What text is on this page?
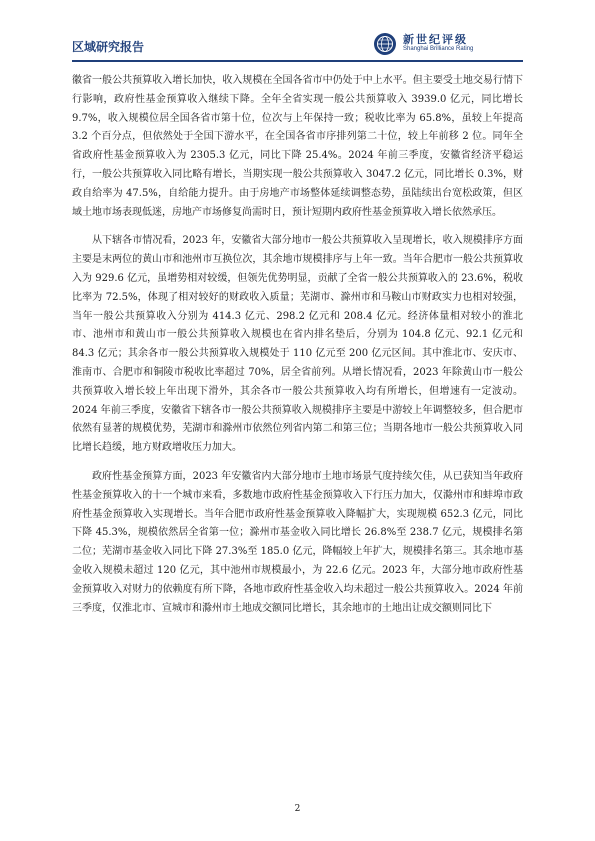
区域研究报告
新世纪评级
Shanghai Brilliance Rating

徽省一般公共预算收入增长加快，收入规模在全国各省市中仍处于中上水平。但主要受土地交易行情下行影响，政府性基金预算收入继续下降。全年全省实现一般公共预算收入 3939.0 亿元，同比增长 9.7%，收入规模位居全国各省市第十位，位次与上年保持一致；税收比率为 65.8%，虽较上年提高 3.2 个百分点，但依然处于全国下游水平，在全国各省市序排列第二十位，较上年前移 2 位。同年全省政府性基金预算收入为 2305.3 亿元，同比下降 25.4%。2024 年前三季度，安徽省经济平稳运行，一般公共预算收入同比略有增长，当期实现一般公共预算收入 3047.2 亿元，同比增长 0.3%，财政自给率为 47.5%，自给能力提升。由于房地产市场整体延续调整态势，虽陆续出台宽松政策，但区域土地市场表现低迷，房地产市场修复尚需时日，预计短期内政府性基金预算收入增长依然承压。

从下辖各市情况看，2023 年，安徽省大部分地市一般公共预算收入呈现增长，收入规模排序方面主要是末两位的黄山市和池州市互换位次，其余地市规模排序与上年一致。当年合肥市一般公共预算收入为 929.6 亿元，虽增势相对较缓，但领先优势明显，贡献了全省一般公共预算收入的 23.6%，税收比率为 72.5%，体现了相对较好的财政收入质量；芜湖市、滁州市和马鞍山市财政实力也相对较强，当年一般公共预算收入分别为 414.3 亿元、298.2 亿元和 208.4 亿元。经济体量相对较小的淮北市、池州市和黄山市一般公共预算收入规模也在省内排名垫后，分别为 104.8 亿元、92.1 亿元和 84.3 亿元；其余各市一般公共预算收入规模处于 110 亿元至 200 亿元区间。其中淮北市、安庆市、淮南市、合肥市和铜陵市税收比率超过 70%，居全省前列。从增长情况看，2023 年除黄山市一般公共预算收入增长较上年出现下滑外，其余各市一般公共预算收入均有所增长，但增速有一定波动。2024 年前三季度，安徽省下辖各市一般公共预算收入规模排序主要是中游较上年调整较多，但合肥市依然有显著的规模优势，芜湖市和滁州市依然位列省内第二和第三位；当期各地市一般公共预算收入同比增长趋缓，地方财政增收压力加大。

政府性基金预算方面，2023 年安徽省内大部分地市土地市场景气度持续欠佳，从已获知当年政府性基金预算收入的十一个城市来看，多数地市政府性基金预算收入下行压力加大，仅滁州市和蚌埠市政府性基金预算收入实现增长。当年合肥市政府性基金预算收入降幅扩大，实现规模 652.3 亿元，同比下降 45.3%，规模依然居全省第一位；滁州市基金收入同比增长 26.8%至 238.7 亿元，规模排名第二位；芜湖市基金收入同比下降 27.3%至 185.0 亿元，降幅较上年扩大，规模排名第三。其余地市基金收入规模未超过 120 亿元，其中池州市规模最小，为 22.6 亿元。2023 年，大部分地市政府性基金预算收入对财力的依赖度有所下降，各地市政府性基金收入均未超过一般公共预算收入。2024 年前三季度，仅淮北市、宣城市和滁州市土地成交额同比增长，其余地市的土地出让成交额则同比下

2
